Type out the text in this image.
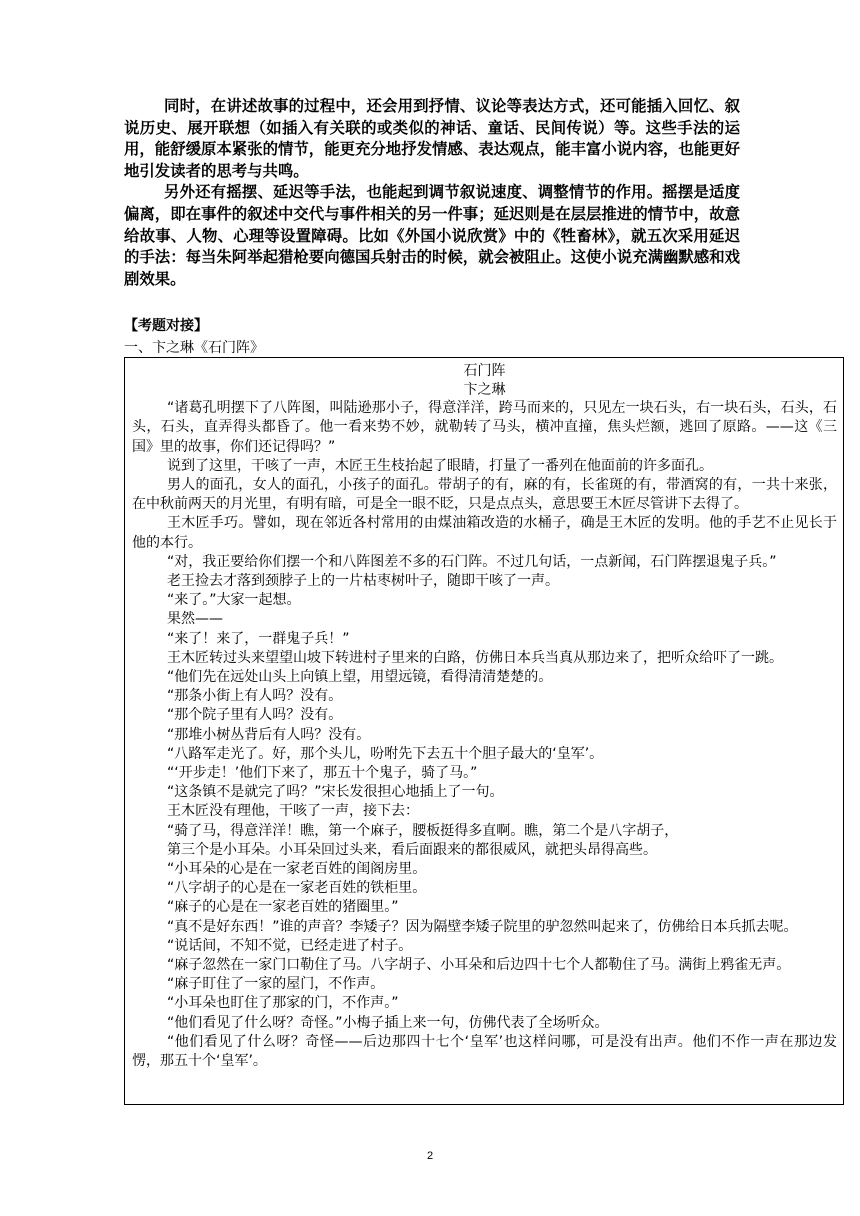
同时，在讲述故事的过程中，还会用到抒情、议论等表达方式，还可能插入回忆、叙说历史、展开联想（如插入有关联的或类似的神话、童话、民间传说）等。这些手法的运用，能舒缓原本紧张的情节，能更充分地抒发情感、表达观点，能丰富小说内容，也能更好地引发读者的思考与共鸣。

另外还有摇摆、延迟等手法，也能起到调节叙说速度、调整情节的作用。摇摆是适度偏离，即在事件的叙述中交代与事件相关的另一件事；延迟则是在层层推进的情节中，故意给故事、人物、心理等设置障碍。比如《外国小说欣赏》中的《牲畜林》，就五次采用延迟的手法：每当朱阿举起猎枪要向德国兵射击的时候，就会被阻止。这使小说充满幽默感和戏剧效果。

【考题对接】
一、卞之琳《石门阵》
石门阵
卞之琳

“诸葛孔明摆下了八阵图，叫陆逊那小子，得意洋洋，跨马而来的，只见左一块石头，右一块石头，石头，石头，石头，直弄得头都昏了。他一看来势不妙，就勒转了马头，横冲直撞，焦头烂额，逃回了原路。——这《三国》里的故事，你们还记得吗？”

说到了这里，干咳了一声，木匠王生枝抬起了眼睛，打量了一番列在他面前的许多面孔。

男人的面孔，女人的面孔，小孩子的面孔。带胡子的有，麻的有，长雀斑的有，带酒窝的有，一共十来张，在中秋前两天的月光里，有明有暗，可是全一眼不眨，只是点点头，意思要王木匠尽管讲下去得了。

王木匠手巧。譬如，现在邻近各村常用的由煤油箱改造的水桶子，确是王木匠的发明。他的手艺不止见长于他的本行。

“对，我正要给你们摆一个和八阵图差不多的石门阵。不过几句话，一点新闻，石门阵摆退鬼子兵。”

老王捡去才落到颈脖子上的一片枯枣树叶子，随即干咳了一声。

“来了。”大家一起想。

果然——

“来了！来了，一群鬼子兵！”

王木匠转过头来望望山坡下转进村子里来的白路，仿佛日本兵当真从那边来了，把听众给吓了一跳。

“他们先在远处山头上向镇上望，用望远镜，看得清清楚楚的。

“那条小街上有人吗？没有。

“那个院子里有人吗？没有。

“那堆小树丛背后有人吗？没有。

“八路军走光了。好，那个头儿，吩咐先下去五十个胆子最大的‘皇军’。

“‘开步走！’他们下来了，那五十个鬼子，骑了马。”

“这条镇不是就完了吗？”宋长发很担心地插上了一句。

王木匠没有理他，干咳了一声，接下去：

“骑了马，得意洋洋！瞧，第一个麻子，腰板挺得多直啊。瞧，第二个是八字胡子，

第三个是小耳朵。小耳朵回过头来，看后面跟来的都很威风，就把头昂得高些。

“小耳朵的心是在一家老百姓的闺阁房里。

“八字胡子的心是在一家老百姓的铁柜里。

“麻子的心是在一家老百姓的猪圈里。”

“真不是好东西！”谁的声音？李矮子？因为隔壁李矮子院里的驴忽然叫起来了，仿佛给日本兵抓去呢。

“说话间，不知不觉，已经走进了村子。

“麻子忽然在一家门口勒住了马。八字胡子、小耳朵和后边四十七个人都勒住了马。满街上鸦雀无声。

“麻子盯住了一家的屋门，不作声。

“小耳朵也盯住了那家的门，不作声。”

“他们看见了什么呀？奇怪。”小梅子插上来一句，仿佛代表了全场听众。

“他们看见了什么呀？奇怪——后边那四十七个‘皇军’也这样问哪，可是没有出声。他们不作一声在那边发愣，那五十个‘皇军’。

2
